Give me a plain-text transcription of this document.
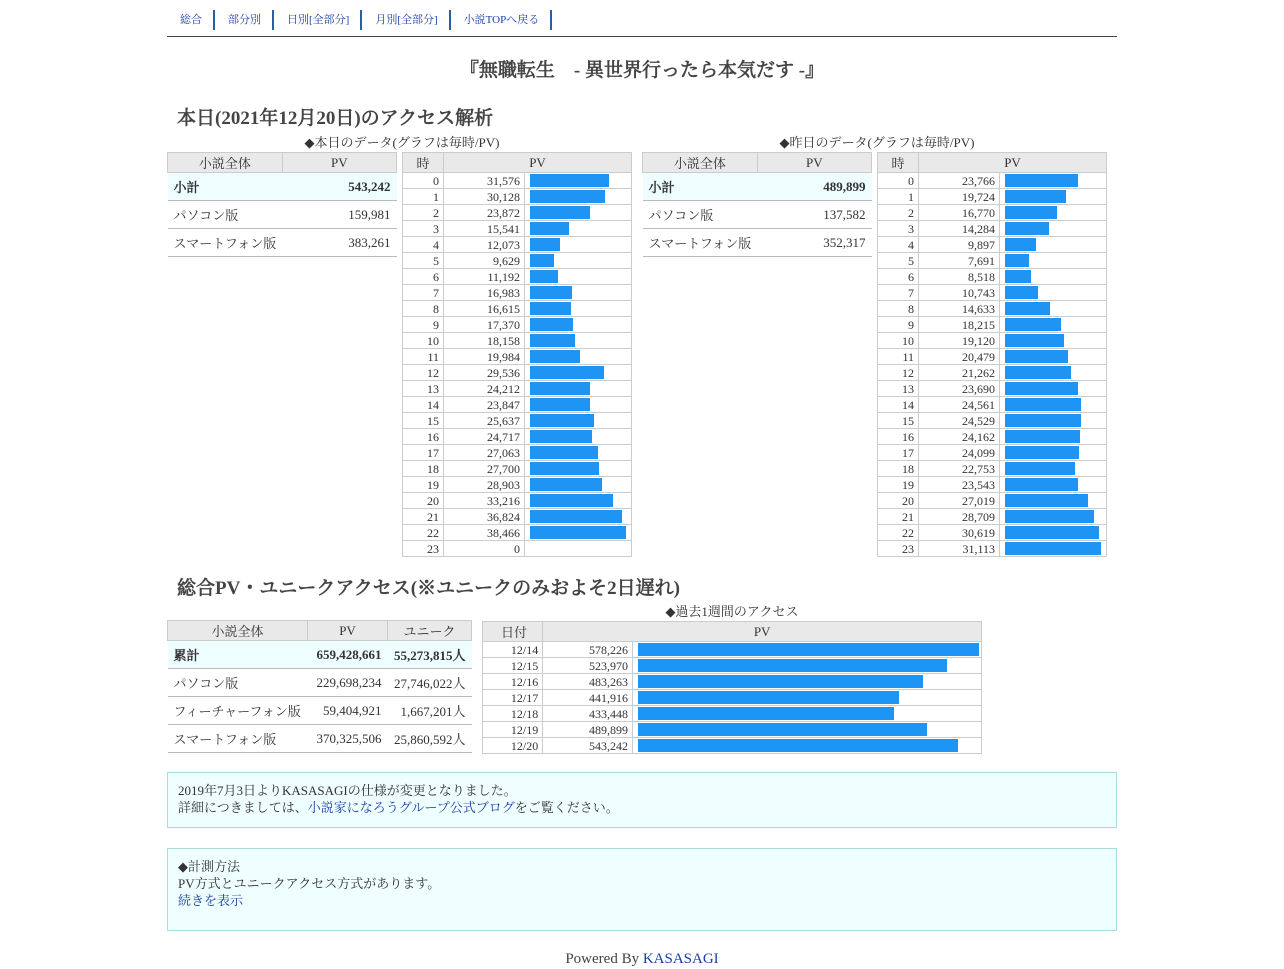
総合	部分別	日別[全部分]	月別[全部分]	小説TOPへ戻る
『無職転生　- 異世界行ったら本気だす -』
本日(2021年12月20日)のアクセス解析
◆本日のデータ(グラフは毎時/PV)	◆昨日のデータ(グラフは毎時/PV)
小説全体	PV
小計	543,242
パソコン版	159,981
スマートフォン版	383,261
時	PV	
0	31,576	

1	30,128	

2	23,872	

3	15,541	

4	12,073	

5	9,629	

6	11,192	

7	16,983	

8	16,615	

9	17,370	

10	18,158	

11	19,984	

12	29,536	

13	24,212	

14	23,847	

15	25,637	

16	24,717	

17	27,063	

18	27,700	

19	28,903	

20	33,216	

21	36,824	

22	38,466	

23	0	
小説全体	PV
小計	489,899
パソコン版	137,582
スマートフォン版	352,317
時	PV	
0	23,766	

1	19,724	

2	16,770	

3	14,284	

4	9,897	

5	7,691	

6	8,518	

7	10,743	

8	14,633	

9	18,215	

10	19,120	

11	20,479	

12	21,262	

13	23,690	

14	24,561	

15	24,529	

16	24,162	

17	24,099	

18	22,753	

19	23,543	

20	27,019	

21	28,709	

22	30,619	

23	31,113	
総合PV・ユニークアクセス(※ユニークのみおよそ2日遅れ)
小説全体	PV	ユニーク
累計	659,428,661	55,273,815人
パソコン版	229,698,234	27,746,022人
フィーチャーフォン版	59,404,921	1,667,201人
スマートフォン版	370,325,506	25,860,592人
◆過去1週間のアクセス
日付	PV	
12/14	578,226	

12/15	523,970	

12/16	483,263	

12/17	441,916	

12/18	433,448	

12/19	489,899	

12/20	543,242	
2019年7月3日よりKASASAGIの仕様が変更となりました。
詳細につきましては、小説家になろうグループ公式ブログをご覧ください。
◆計測方法
PV方式とユニークアクセス方式があります。
続きを表示
Powered By KASASAGI
